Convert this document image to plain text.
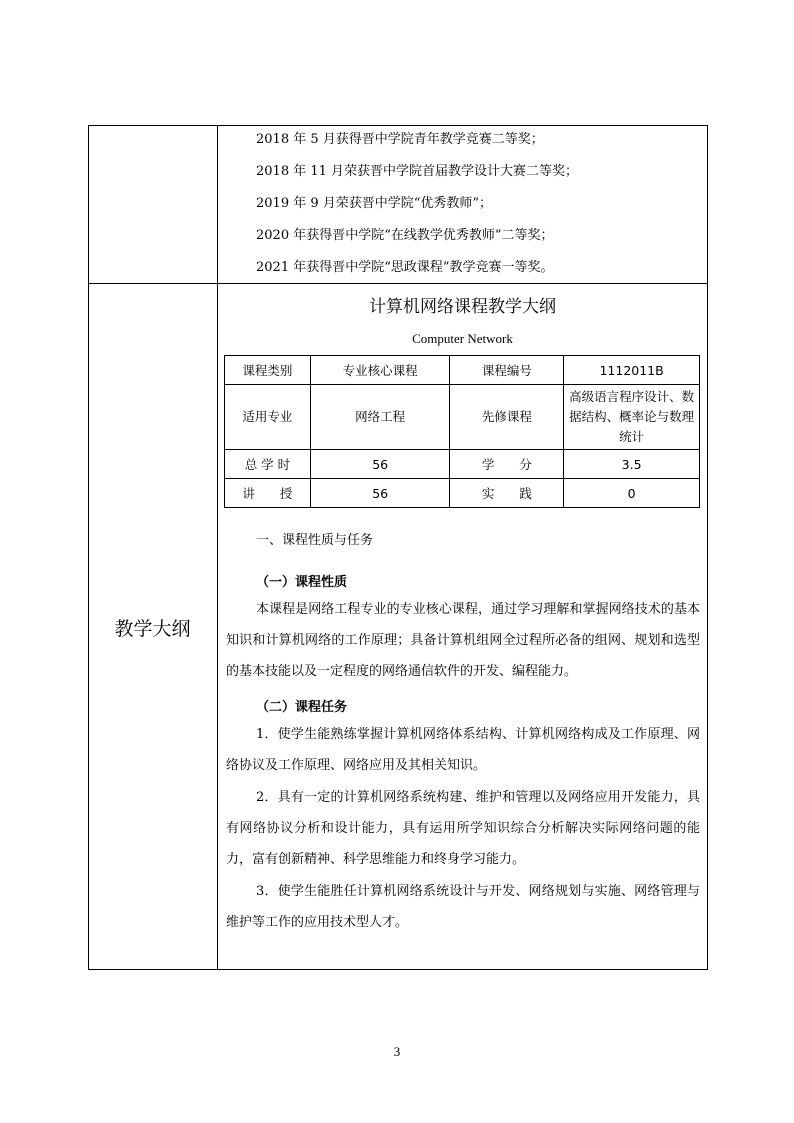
2018 年 5 月获得晋中学院青年教学竞赛二等奖；
2018 年 11 月荣获晋中学院首届教学设计大赛二等奖；
2019 年 9 月荣获晋中学院“优秀教师”；
2020 年获得晋中学院“在线教学优秀教师”二等奖；
2021 年获得晋中学院“思政课程”教学竞赛一等奖。
教学大纲
计算机网络课程教学大纲
Computer Network
课程类别	专业核心课程	课程编号	1112011B
适用专业	网络工程	先修课程	高级语言程序设计、数据结构、概率论与数理统计
总 学 时	56	学　　分	3.5
讲　　授	56	实　　践	0
一、课程性质与任务
（一）课程性质

本课程是网络工程专业的专业核心课程，通过学习理解和掌握网络技术的基本知识和计算机网络的工作原理；具备计算机组网全过程所必备的组网、规划和选型的基本技能以及一定程度的网络通信软件的开发、编程能力。

（二）课程任务

1．使学生能熟练掌握计算机网络体系结构、计算机网络构成及工作原理、网络协议及工作原理、网络应用及其相关知识。

2．具有一定的计算机网络系统构建、维护和管理以及网络应用开发能力，具有网络协议分析和设计能力，具有运用所学知识综合分析解决实际网络问题的能力，富有创新精神、科学思维能力和终身学习能力。

3．使学生能胜任计算机网络系统设计与开发、网络规划与实施、网络管理与维护等工作的应用技术型人才。

3
